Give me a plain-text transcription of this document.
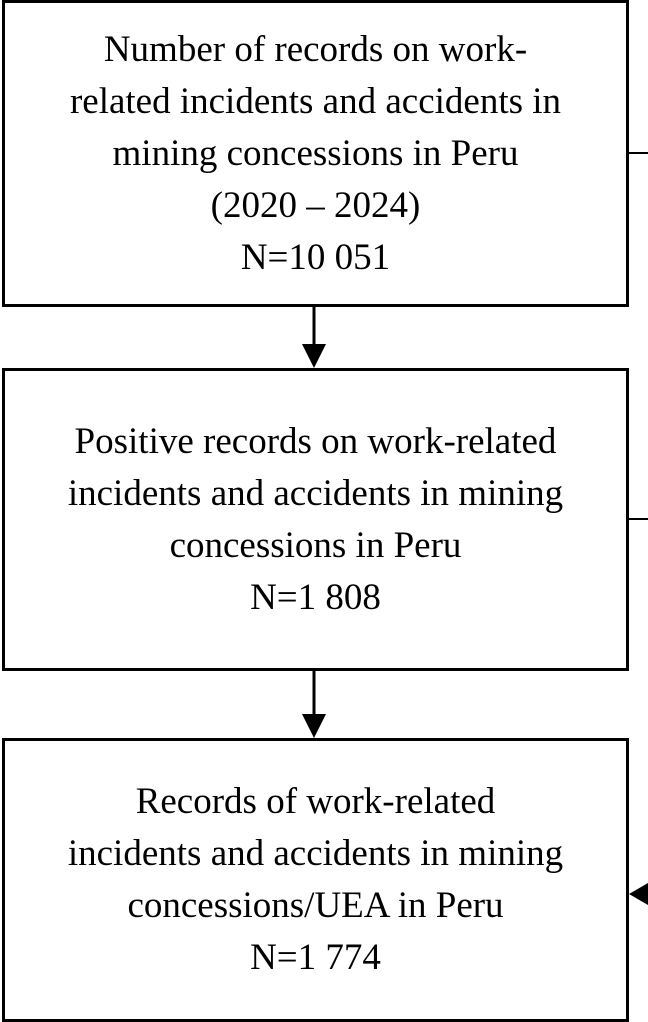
Number of records on work-
related incidents and accidents in
mining concessions in Peru
(2020 – 2024)
N=10 051
Positive records on work-related
incidents and accidents in mining
concessions in Peru
N=1 808
Records of work-related
incidents and accidents in mining
concessions/UEA in Peru
N=1 774
